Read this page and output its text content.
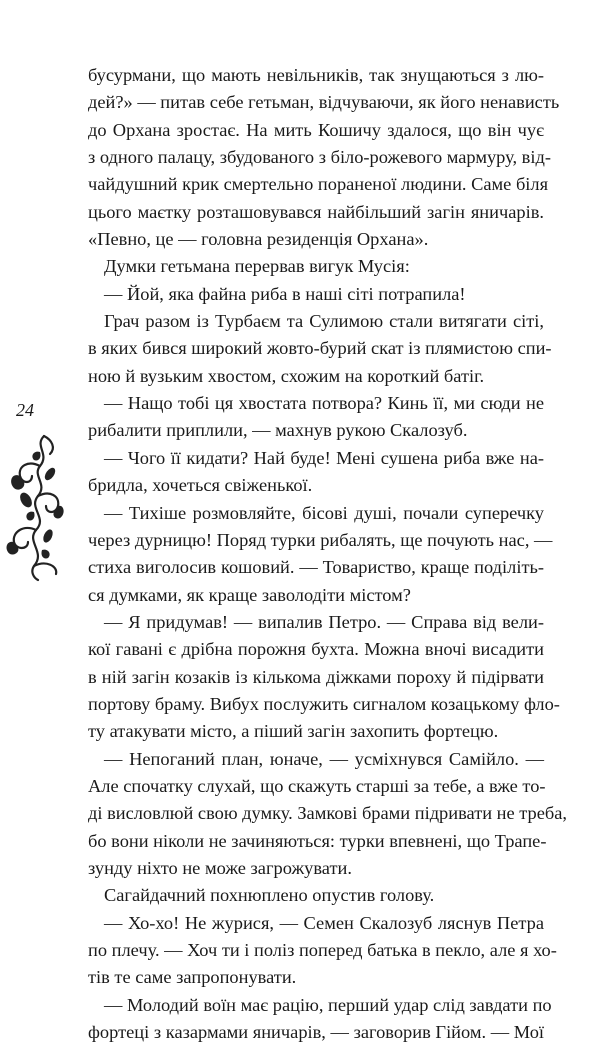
бусурмани, що мають невільників, так знущаються з лю-
дей?» — питав себе гетьман, відчуваючи, як його ненависть
до Орхана зростає. На мить Кошичу здалося, що він чує
з одного палацу, збудованого з біло-рожевого мармуру, від-
чайдушний крик смертельно пораненої людини. Саме біля
цього маєтку розташовувався найбільший загін яничарів.
«Певно, це — головна резиденція Орхана».
Думки гетьмана перервав вигук Мусія:
— Йой, яка файна риба в наші сіті потрапила!
Грач разом із Турбаєм та Сулимою стали витягати сіті,
в яких бився широкий жовто-бурий скат із плямистою спи-
ною й вузьким хвостом, схожим на короткий батіг.
— Нащо тобі ця хвостата потвора? Кинь її, ми сюди не
рибалити приплили, — махнув рукою Скалозуб.
— Чого її кидати? Най буде! Мені сушена риба вже на-
бридла, хочеться свіженької.
— Тихіше розмовляйте, бісові душі, почали суперечку
через дурницю! Поряд турки рибалять, ще почують нас, —
стиха виголосив кошовий. — Товариство, краще поділіть-
ся думками, як краще заволодіти містом?
— Я придумав! — випалив Петро. — Справа від вели-
кої гавані є дрібна порожня бухта. Можна вночі висадити
в ній загін козаків із кількома діжками пороху й підірвати
портову браму. Вибух послужить сигналом козацькому фло-
ту атакувати місто, а піший загін захопить фортецю.
— Непоганий план, юначе, — усміхнувся Самійло. —
Але спочатку слухай, що скажуть старші за тебе, а вже то-
ді висловлюй свою думку. Замкові брами підривати не треба,
бо вони ніколи не зачиняються: турки впевнені, що Трапе-
зунду ніхто не може загрожувати.
Сагайдачний похнюплено опустив голову.
— Хо-хо! Не журися, — Семен Скалозуб ляснув Петра
по плечу. — Хоч ти і поліз поперед батька в пекло, але я хо-
тів те саме запропонувати.
— Молодий воїн має рацію, перший удар слід завдати по
фортеці з казармами яничарів, — заговорив Гійом. — Мої
24
